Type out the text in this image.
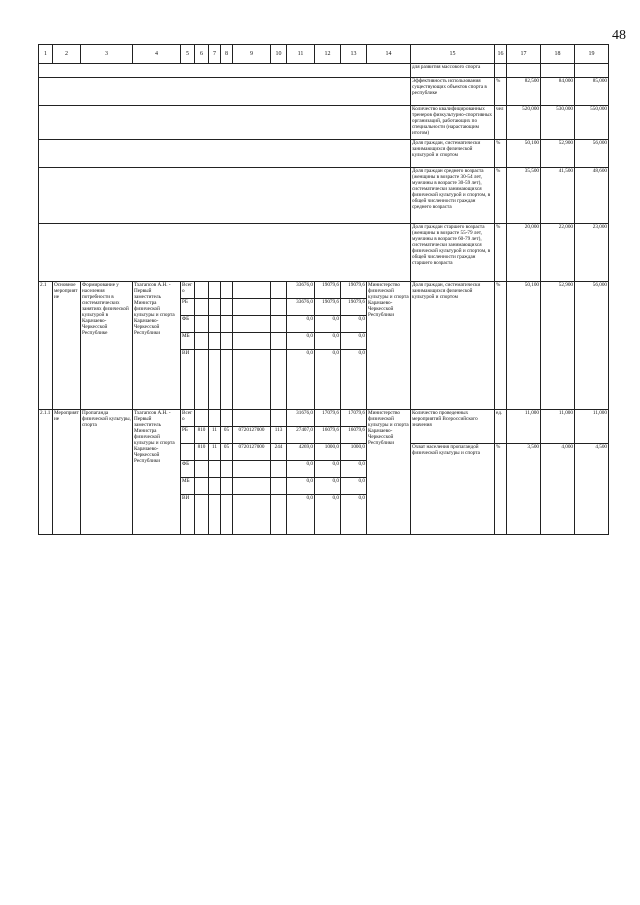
48
1	2	3	4	5	6	7	8	9	10	11	12	13	14	15	16	17	18	19
														для развития массового спорта				
														Эффективность использования существующих объектов спорта в республике	%	82,500	84,000	85,000
														Количество квалифицированных тренеров физкультурно-спортивных организаций, работающих по специальности (нарастающим итогом)	чел	520,000	530,000	550,000
														Доля граждан, систематически занимающихся физической культурой и спортом	%	50,100	52,900	56,000
														Доля граждан среднего возраста (женщины в возрасте 30-54 лет, мужчины в возрасте 30-59 лет), систематически занимающихся физической культурой и спортом, в общей численности граждан среднего возраста	%	35,500	41,500	48,600
														Доля граждан старшего возраста (женщины в возрасте 55-79 лет, мужчины в возрасте 60-79 лет), систематически занимающихся физической культурой и спортом, в общей численности граждан старшего возраста	%	20,000	22,000	23,000
2.1	Основное мероприятие	Формирование у населения потребности в систематических занятиях физической культурой в Карачаево-Черкесской Республике	Тхагапсов А.Н. - Первый заместитель Министра физической культуры и спорта Карачаево-Черкесской Республики	Всего						33676,0	19079,6	19079,6	Министерство физической культуры и спорта Карачаево-Черкесской Республики	Доля граждан, систематически занимающихся физической культурой и спортом	%	50,100	52,900	56,000
				РБ						33676,0	19079,6	19079,6						
				ФБ						0,0	0,0	0,0						
				МБ						0,0	0,0	0,0						
				ВИ						0,0	0,0	0,0						
2.1.1	Мероприятие	Пропаганда физической культуры, спорта	Тхагапсов А.Н. - Первый заместитель Министра физической культуры и спорта Карачаево-Черкесской Республики	Всего						31676,0	17079,6	17079,6	Министерство физической культуры и спорта Карачаево-Черкесской Республики	Количество проведенных мероприятий Всероссийского значения	ед.	11,000	11,000	11,000
				РБ	810	11	05	0720127000	113	27407,0	16079,6	16079,6						
					810	11	05	0720127000	244	4269,0	1000,0	1000,0		Охват населения пропагандой физической культуры и спорта	%	3,500	4,000	4,500
				ФБ						0,0	0,0	0,0						
				МБ						0,0	0,0	0,0						
				ВИ						0,0	0,0	0,0						
